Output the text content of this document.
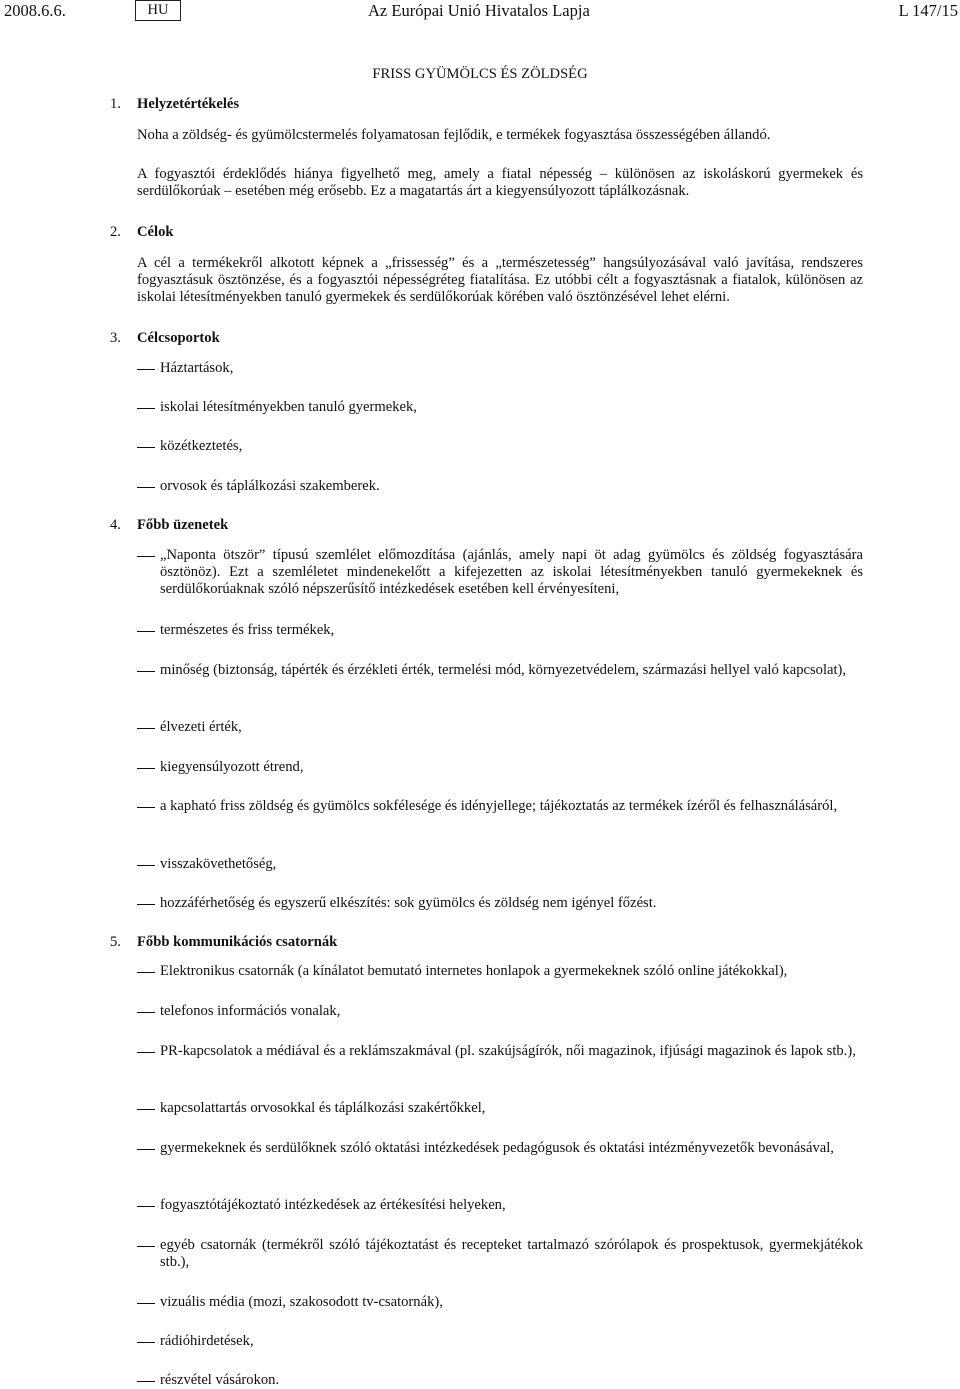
2008.6.6.	HU	Az Európai Unió Hivatalos Lapja	L 147/15
FRISS GYÜMÖLCS ÉS ZÖLDSÉG
1. Helyzetértékelés
Noha a zöldség- és gyümölcstermelés folyamatosan fejlődik, e termékek fogyasztása összességében állandó.
A fogyasztói érdeklődés hiánya figyelhető meg, amely a fiatal népesség – különösen az iskoláskorú gyermekek és serdülőkorúak – esetében még erősebb. Ez a magatartás árt a kiegyensúlyozott táplálkozásnak.
2. Célok
A cél a termékekről alkotott képnek a „frissesség” és a „természetesség” hangsúlyozásával való javítása, rendszeres fogyasztásuk ösztönzése, és a fogyasztói népességréteg fiatalítása. Ez utóbbi célt a fogyasztásnak a fiatalok, különösen az iskolai létesítményekben tanuló gyermekek és serdülőkorúak körében való ösztönzésével lehet elérni.
3. Célcsoportok
Háztartások,
iskolai létesítményekben tanuló gyermekek,
közétkeztetés,
orvosok és táplálkozási szakemberek.
4. Főbb üzenetek
„Naponta ötször” típusú szemlélet előmozdítása (ajánlás, amely napi öt adag gyümölcs és zöldség fogyasztására ösztönöz). Ezt a szemléletet mindenekelőtt a kifejezetten az iskolai létesítményekben tanuló gyermekeknek és serdülőkorúaknak szóló népszerűsítő intézkedések esetében kell érvényesíteni,
természetes és friss termékek,
minőség (biztonság, tápérték és érzékleti érték, termelési mód, környezetvédelem, származási hellyel való kapcsolat),
élvezeti érték,
kiegyensúlyozott étrend,
a kapható friss zöldség és gyümölcs sokfélesége és idényjellege; tájékoztatás az termékek ízéről és felhasználásáról,
visszakövethetőség,
hozzáférhetőség és egyszerű elkészítés: sok gyümölcs és zöldség nem igényel főzést.
5. Főbb kommunikációs csatornák
Elektronikus csatornák (a kínálatot bemutató internetes honlapok a gyermekeknek szóló online játékokkal),
telefonos információs vonalak,
PR-kapcsolatok a médiával és a reklámszakmával (pl. szakújságírók, női magazinok, ifjúsági magazinok és lapok stb.),
kapcsolattartás orvosokkal és táplálkozási szakértőkkel,
gyermekeknek és serdülőknek szóló oktatási intézkedések pedagógusok és oktatási intézményvezetők bevonásával,
fogyasztótájékoztató intézkedések az értékesítési helyeken,
egyéb csatornák (termékről szóló tájékoztatást és recepteket tartalmazó szórólapok és prospektusok, gyermekjátékok stb.),
vizuális média (mozi, szakosodott tv-csatornák),
rádióhirdetések,
részvétel vásárokon.
